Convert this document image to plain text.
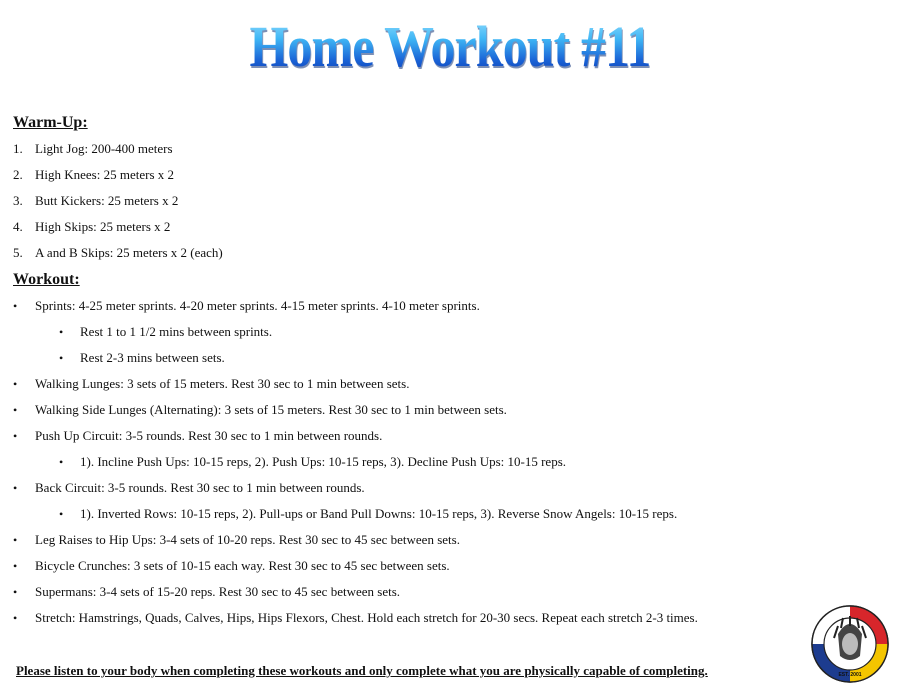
Home Workout #11
Warm-Up:
1. Light Jog: 200-400 meters
2. High Knees: 25 meters x 2
3. Butt Kickers: 25 meters x 2
4. High Skips: 25 meters x 2
5. A and B Skips: 25 meters x 2 (each)
Workout:
• Sprints: 4-25 meter sprints. 4-20 meter sprints. 4-15 meter sprints. 4-10 meter sprints.
• Rest 1 to 1 1/2 mins between sprints.
• Rest 2-3 mins between sets.
• Walking Lunges: 3 sets of 15 meters. Rest 30 sec to 1 min between sets.
• Walking Side Lunges (Alternating): 3 sets of 15 meters. Rest 30 sec to 1 min between sets.
• Push Up Circuit: 3-5 rounds. Rest 30 sec to 1 min between rounds.
• 1). Incline Push Ups: 10-15 reps, 2). Push Ups: 10-15 reps, 3). Decline Push Ups: 10-15 reps.
• Back Circuit: 3-5 rounds. Rest 30 sec to 1 min between rounds.
• 1). Inverted Rows: 10-15 reps, 2). Pull-ups or Band Pull Downs: 10-15 reps, 3). Reverse Snow Angels: 10-15 reps.
• Leg Raises to Hip Ups: 3-4 sets of 10-20 reps. Rest 30 sec to 45 sec between sets.
• Bicycle Crunches: 3 sets of 10-15 each way. Rest 30 sec to 45 sec between sets.
• Supermans: 3-4 sets of 15-20 reps. Rest 30 sec to 45 sec between sets.
• Stretch: Hamstrings, Quads, Calves, Hips, Hips Flexors, Chest. Hold each stretch for 20-30 secs. Repeat each stretch 2-3 times.
Please listen to your body when completing these workouts and only complete what you are physically capable of completing.	EST. 2001
